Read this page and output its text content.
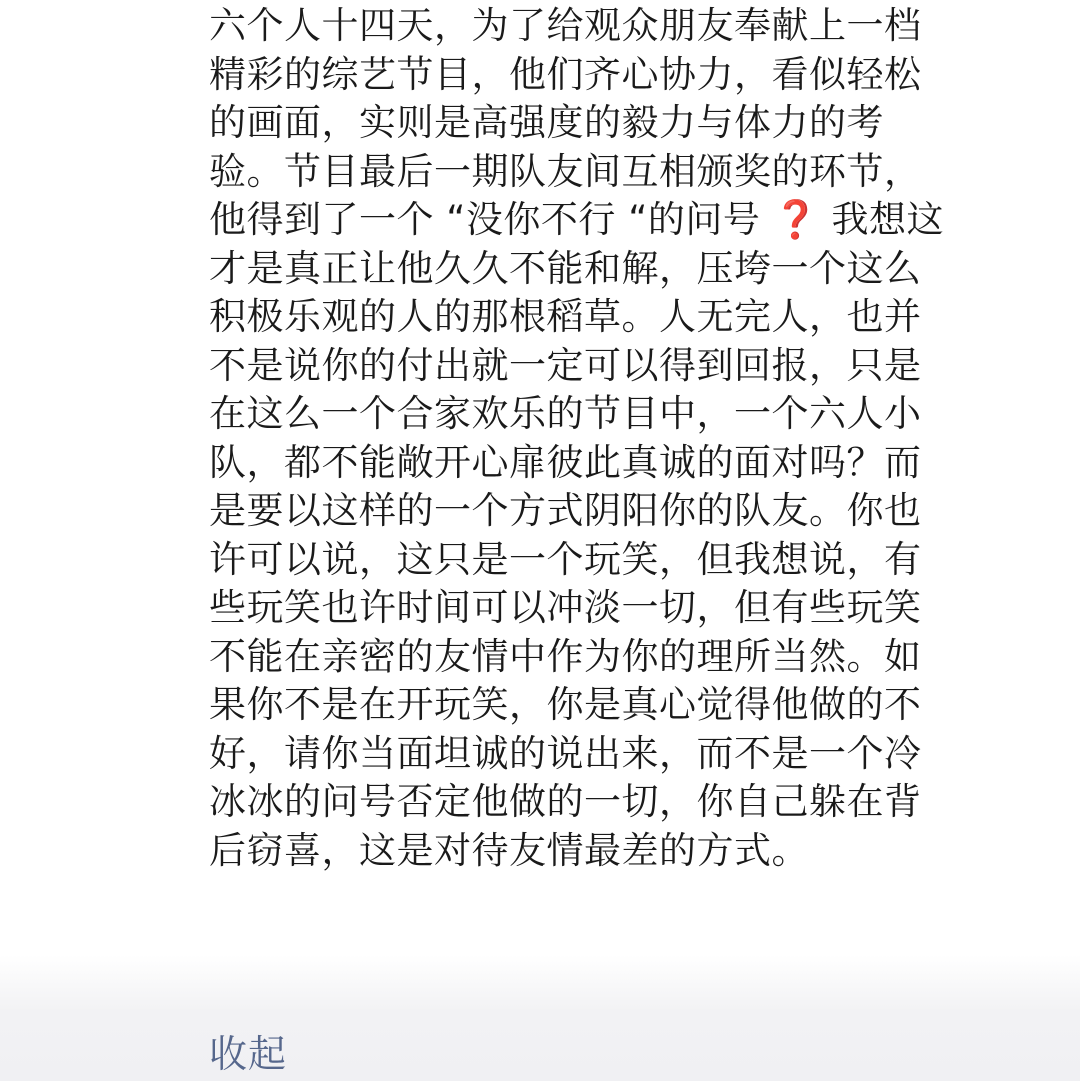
六个人十四天，为了给观众朋友奉献上一档
精彩的综艺节目，他们齐心协力，看似轻松
的画面，实则是高强度的毅力与体力的考
验。节目最后一期队友间互相颁奖的环节，
他得到了一个 “没你不行 “的问号 ❓ 我想这
才是真正让他久久不能和解，压垮一个这么
积极乐观的人的那根稻草。人无完人，也并
不是说你的付出就一定可以得到回报，只是
在这么一个合家欢乐的节目中，一个六人小
队，都不能敞开心扉彼此真诚的面对吗？而
是要以这样的一个方式阴阳你的队友。你也
许可以说，这只是一个玩笑，但我想说，有
些玩笑也许时间可以冲淡一切，但有些玩笑
不能在亲密的友情中作为你的理所当然。如
果你不是在开玩笑，你是真心觉得他做的不
好，请你当面坦诚的说出来，而不是一个冷
冰冰的问号否定他做的一切，你自己躲在背
后窃喜，这是对待友情最差的方式。
收起
